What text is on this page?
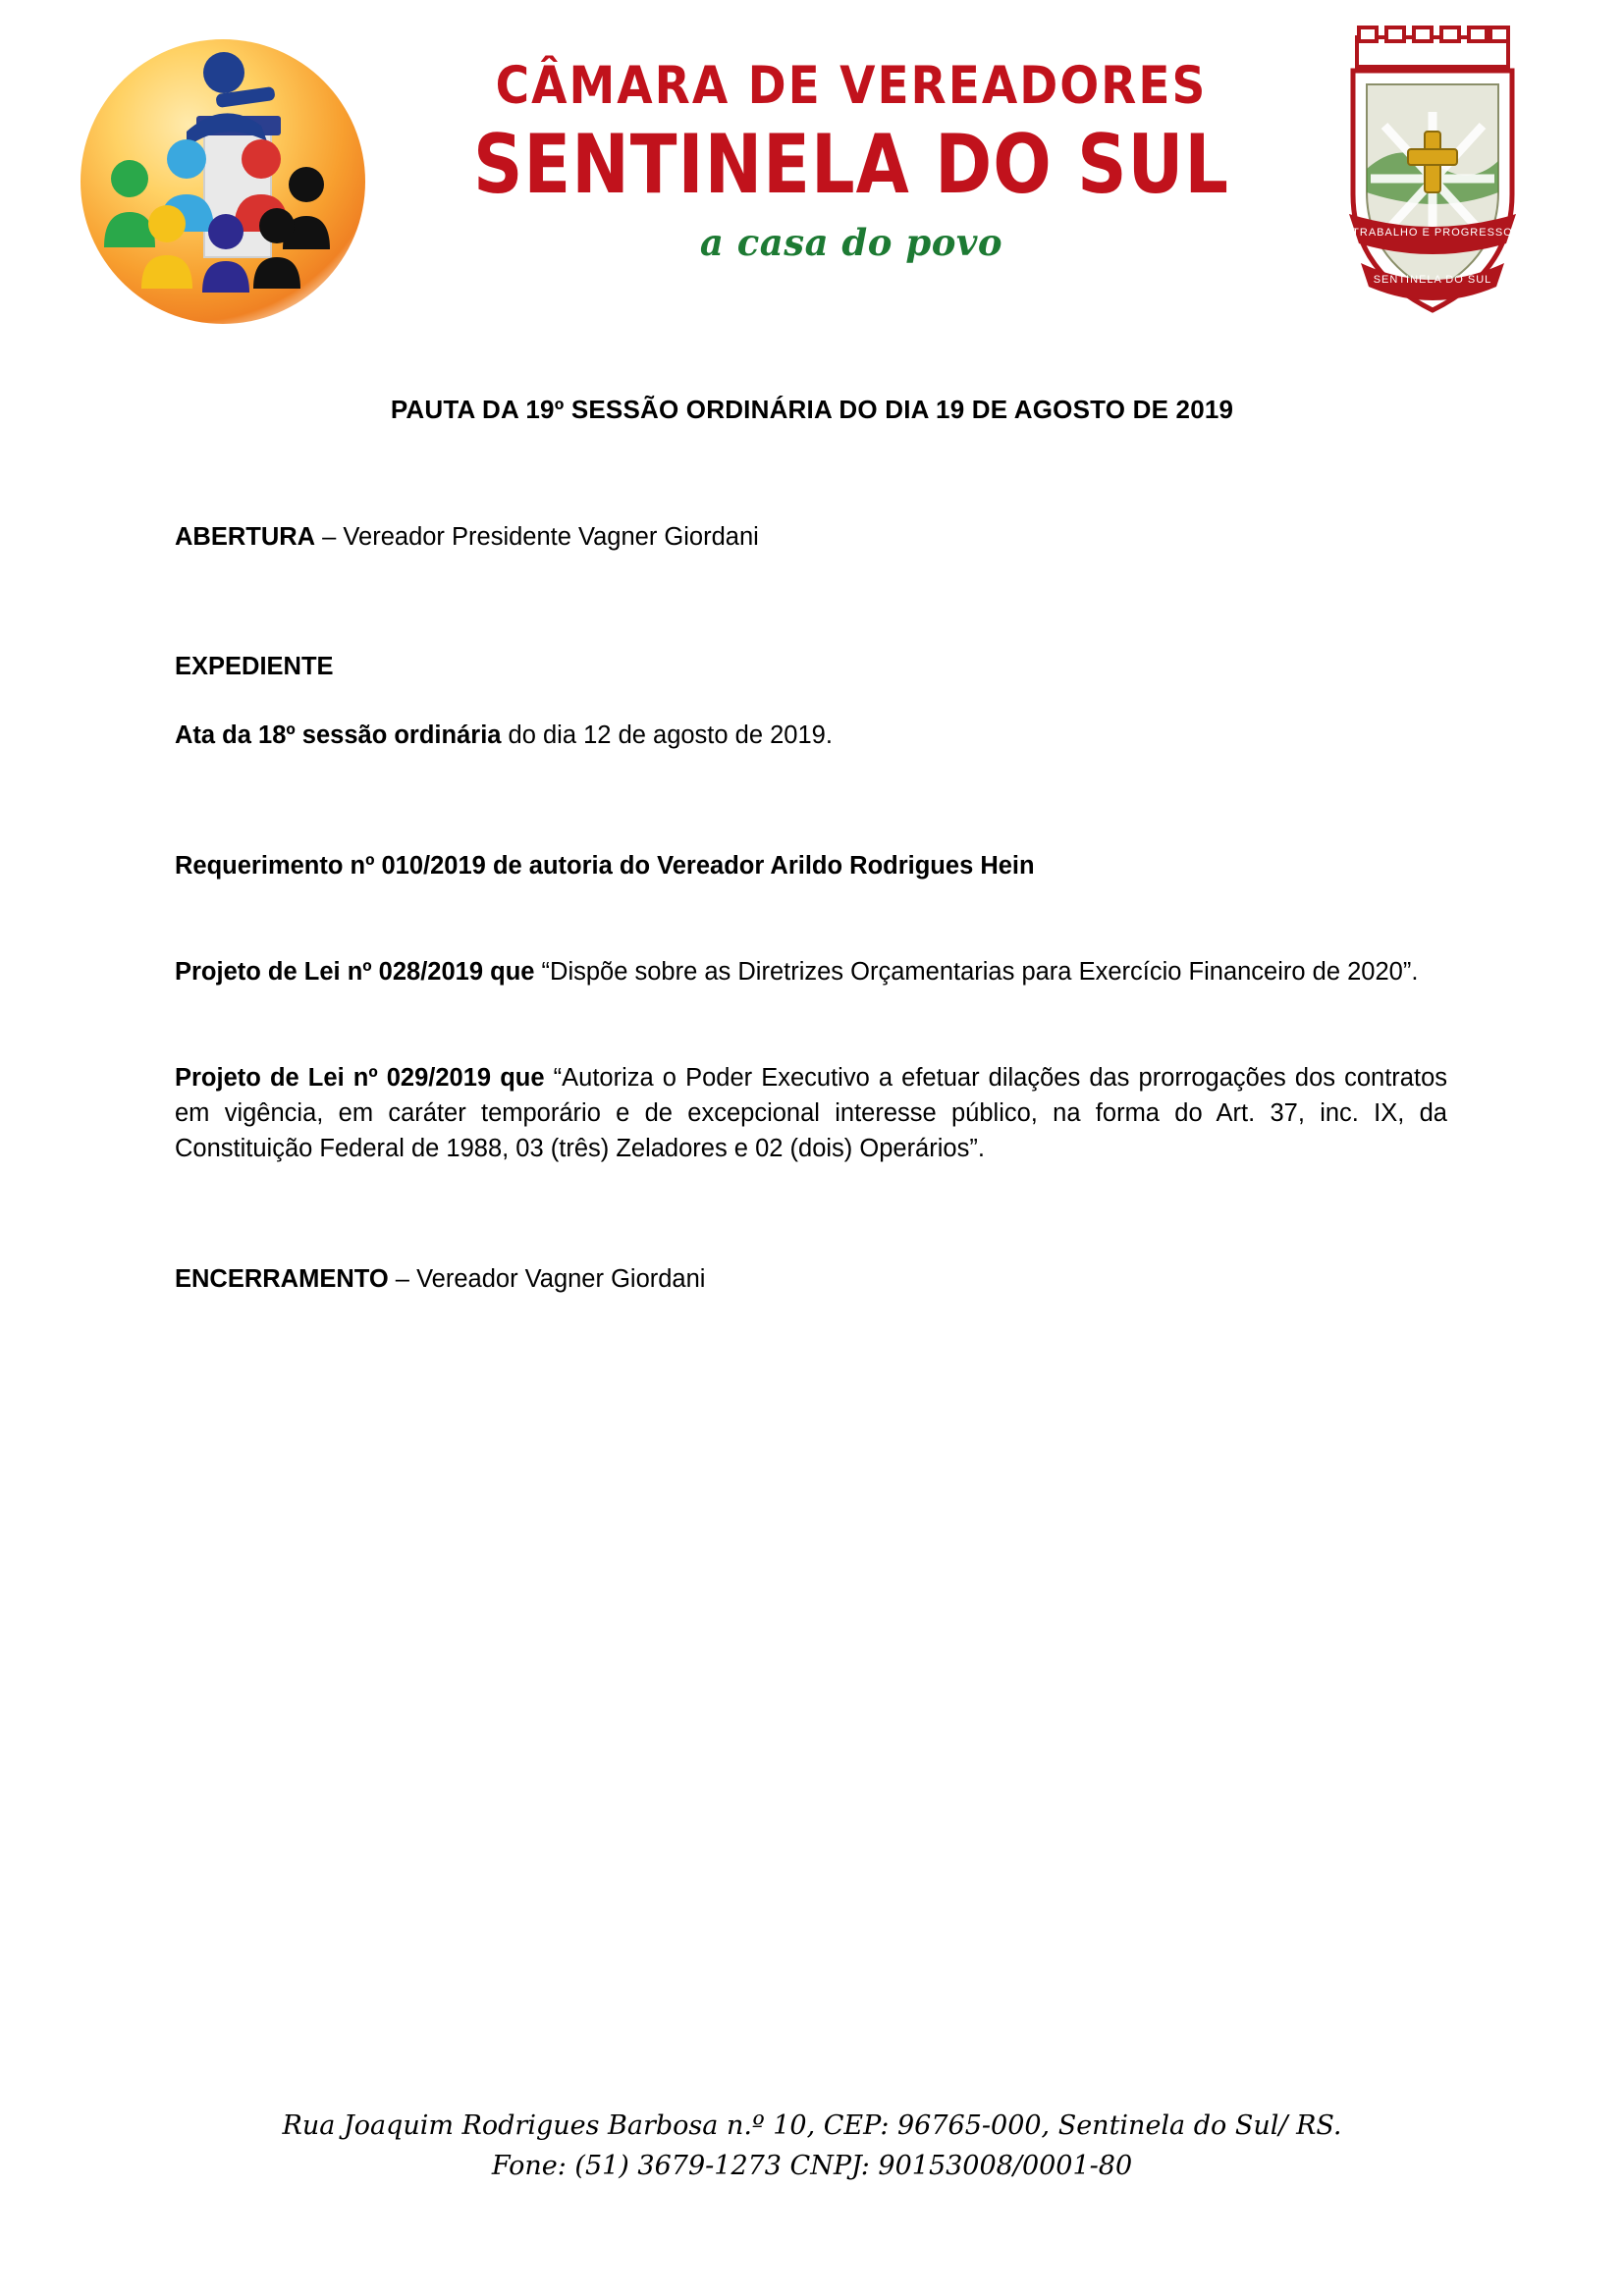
CÂMARA DE VEREADORES
SENTINELA DO SUL
a casa do povo	TRABALHO E PROGRESSO
SENTINELA DO SUL
PAUTA DA 19º SESSÃO ORDINÁRIA DO DIA 19 DE AGOSTO DE 2019

ABERTURA – Vereador Presidente Vagner Giordani

EXPEDIENTE

Ata da 18º sessão ordinária do dia 12 de agosto de 2019.

Requerimento nº 010/2019 de autoria do Vereador Arildo Rodrigues Hein

Projeto de Lei nº 028/2019 que “Dispõe sobre as Diretrizes Orçamentarias para Exercício Financeiro de 2020”.

Projeto de Lei nº 029/2019 que “Autoriza o Poder Executivo a efetuar dilações das prorrogações dos contratos em vigência, em caráter temporário e de excepcional interesse público, na forma do Art. 37, inc. IX, da Constituição Federal de 1988, 03 (três) Zeladores e 02 (dois) Operários”.

ENCERRAMENTO – Vereador Vagner Giordani

Rua Joaquim Rodrigues Barbosa n.º 10, CEP: 96765-000, Sentinela do Sul/ RS.
Fone: (51) 3679-1273 CNPJ: 90153008/0001-80
